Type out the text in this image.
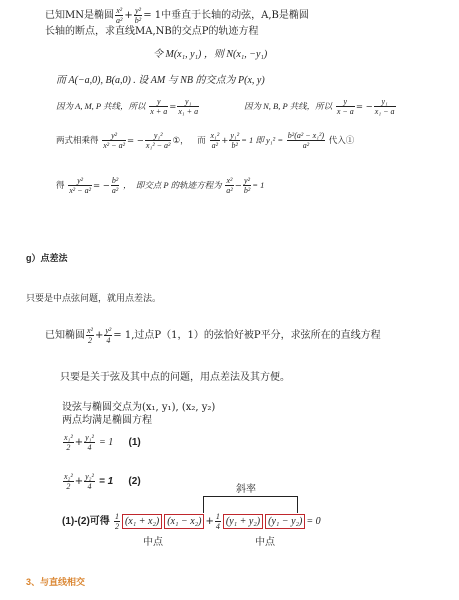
已知MN是椭圆 $\frac{\text{x²}}{\text{a²}} + \frac{\text{y²}}{\text{b²}} = 1$中垂直于长轴的动弦，A,B是椭圆
长轴的断点，求直线MA,NB的交点P的轨迹方程
令 M(x₁, y₁) ，则 N(x₁, −y₁)
而 A(−a,0), B(a,0) . 设 AM 与 NB 的交点为 P(x, y)
因为 A, M, P 共线，所以 $\frac{y}{x + a} = \frac{\text{y₁}}{\text{x₁ + a}}$	因为 N, B, P 共线，所以 $\frac{y}{x - a}$ = − $\frac{\text{y₁}}{\text{x₁ − a}}$
两式相乘得 $\frac{\text{y²}}{\text{x² − a²}}$ = − $\frac{\text{y₁²}}{\text{x₁² − a²}}$ ①， 而 $\frac{\text{x₁²}}{\text{a²}} + \frac{\text{y₁²}}{\text{b²}} = 1$ 即 $y_1^2 = \frac{\text{b²(a² − x₁²)}}{\text{a²}}$ 代入①
得 $\frac{\text{y²}}{\text{x² − a²}}$ = − $\frac{\text{b²}}{\text{a²}}$ ，　即交点 P 的轨迹方程为 $\frac{\text{x²}}{\text{a²}} - \frac{\text{y²}}{\text{b²}} = 1$
g）点差法
只要是中点弦问题，就用点差法。
已知椭圆 $\frac{\text{x²}}{2} + \frac{\text{y²}}{4} = 1$,过点P（1，1）的弦恰好被P平分，求弦所在的直线方程
只要是关于弦及其中点的问题，用点差法及其方便。
设弦与椭圆交点为(x₁, y₁), (x₂, y₂)
两点均满足椭圆方程
$\frac{\text{x₁²}}{2} + \frac{\text{y₁²}}{4} = 1$ (1)
$\frac{\text{x₂²}}{2} + \frac{\text{y₂²}}{4} = 1$ (2)
斜率
(1)-(2)可得 $\frac{1}{2} (x_1 + x_2) (x_1 - x_2) + \frac{1}{4} (y_1 + y_2) (y_1 - y_2) = 0$
中点	中点
3、与直线相交
